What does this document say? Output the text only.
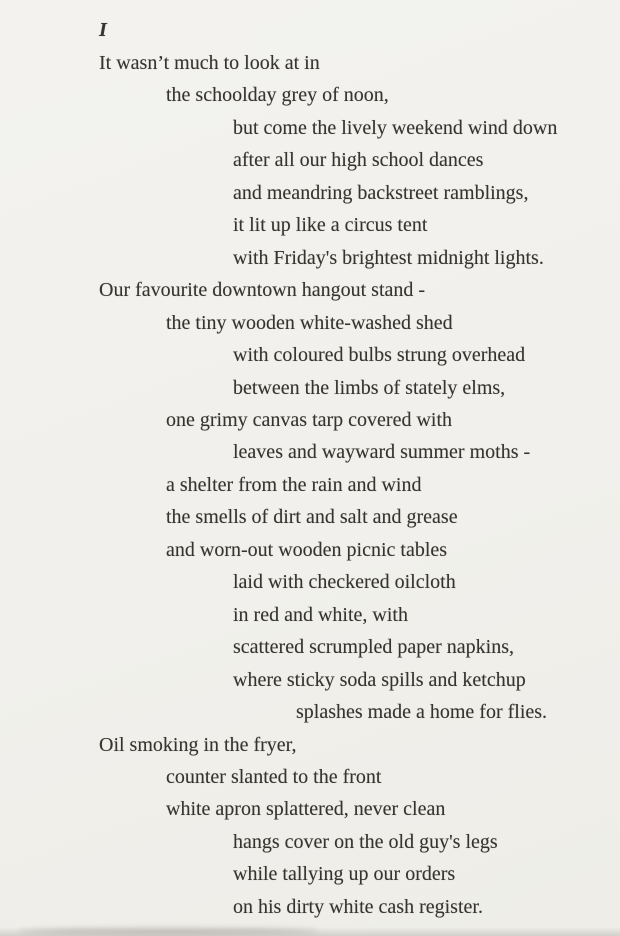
I
It wasn’t much to look at in
the schoolday grey of noon,
but come the lively weekend wind down
after all our high school dances
and meandring backstreet ramblings,
it lit up like a circus tent
with Friday's brightest midnight lights.
Our favourite downtown hangout stand -
the tiny wooden white-washed shed
with coloured bulbs strung overhead
between the limbs of stately elms,
one grimy canvas tarp covered with
leaves and wayward summer moths -
a shelter from the rain and wind
the smells of dirt and salt and grease
and worn-out wooden picnic tables
laid with checkered oilcloth
in red and white, with
scattered scrumpled paper napkins,
where sticky soda spills and ketchup
splashes made a home for flies.
Oil smoking in the fryer,
counter slanted to the front
white apron splattered, never clean
hangs cover on the old guy's legs
while tallying up our orders
on his dirty white cash register.
